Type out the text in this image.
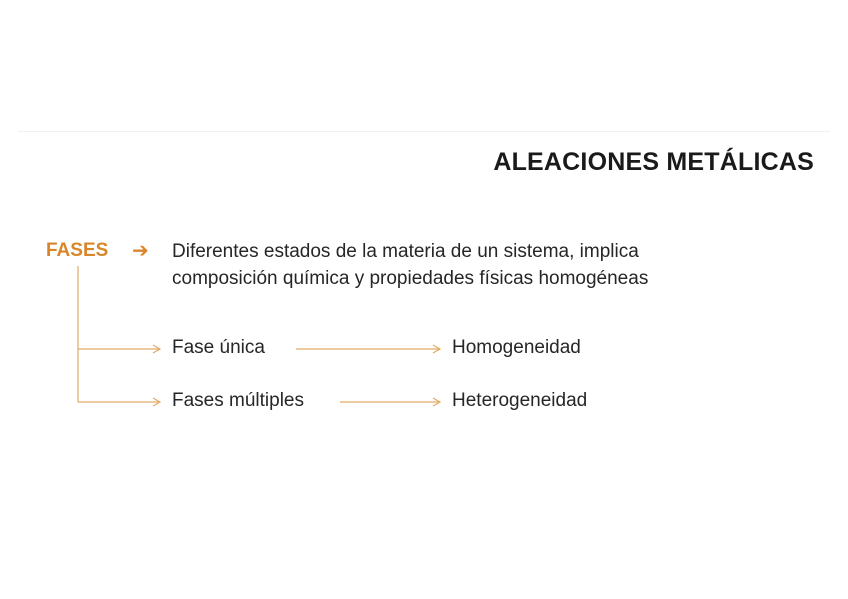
ALEACIONES METÁLICAS
FASES ➔ Diferentes estados de la materia de un sistema, implica
composición química y propiedades físicas homogéneas
Fase única	Homogeneidad
Fases múltiples	Heterogeneidad
